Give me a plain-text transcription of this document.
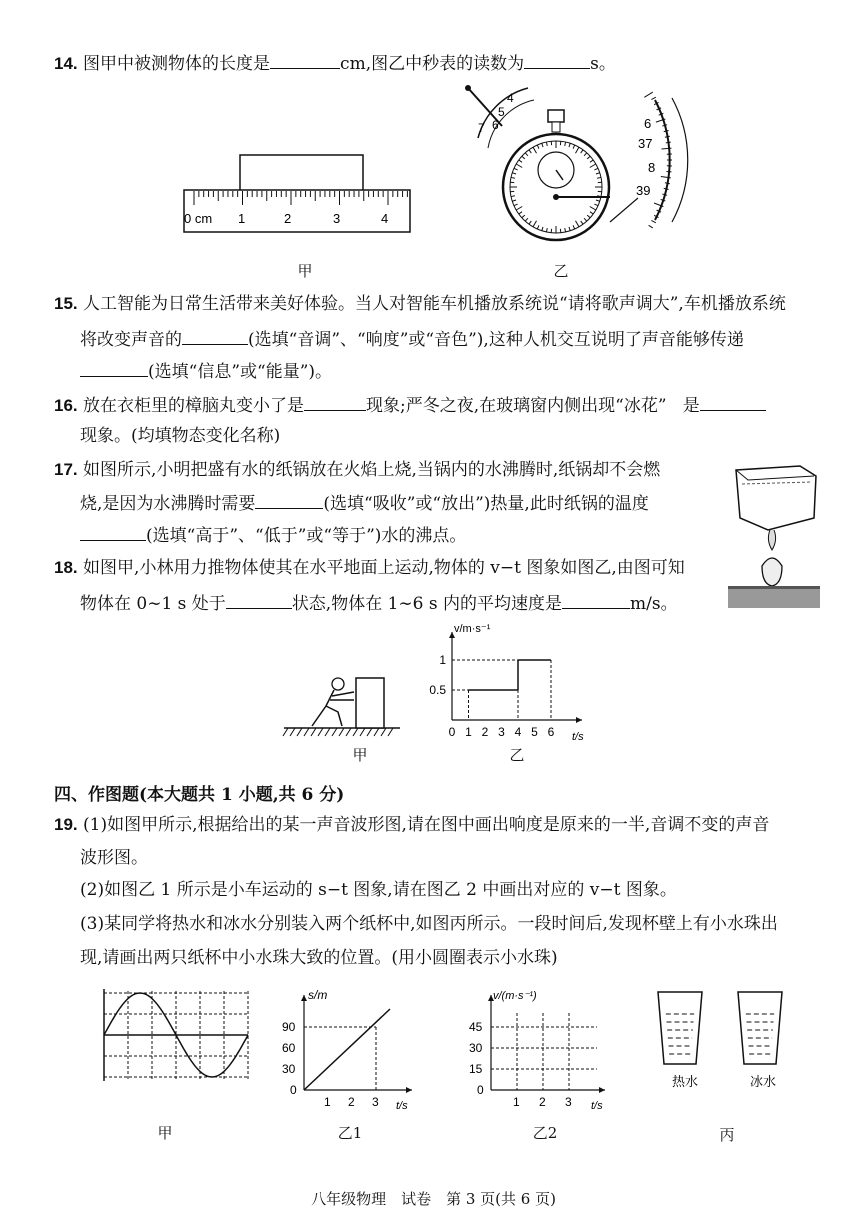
14. 图甲中被测物体的长度是	cm,图乙中秒表的读数为	s。
0 cm 1	2	3	4
甲
4
5
6
7	6
37
8
39
乙
15. 人工智能为日常生活带来美好体验。当人对智能车机播放系统说“请将歌声调大”,车机播放系统
将改变声音的	(选填“音调”、“响度”或“音色”),这种人机交互说明了声音能够传递
(选填“信息”或“能量”)。
16. 放在衣柜里的樟脑丸变小了是	现象;严冬之夜,在玻璃窗内侧出现“冰花” 是
现象。(均填物态变化名称)
17. 如图所示,小明把盛有水的纸锅放在火焰上烧,当锅内的水沸腾时,纸锅却不会燃
烧,是因为水沸腾时需要	(选填“吸收”或“放出”)热量,此时纸锅的温度
(选填“高于”、“低于”或“等于”)水的沸点。
18. 如图甲,小林用力推物体使其在水平地面上运动,物体的 v−t 图象如图乙,由图可知
物体在 0∼1 s 处于	状态,物体在 1∼6 s 内的平均速度是	m/s。
甲
v/m·s⁻¹
t/s
1
0.5
0 1 2 3 4 5 6
乙
四、作图题(本大题共 1 小题,共 6 分)
19. (1)如图甲所示,根据给出的某一声音波形图,请在图中画出响度是原来的一半,音调不变的声音
波形图。
(2)如图乙 1 所示是小车运动的 s−t 图象,请在图乙 2 中画出对应的 v−t 图象。
(3)某同学将热水和冰水分别装入两个纸杯中,如图丙所示。一段时间后,发现杯壁上有小水珠出
现,请画出两只纸杯中小水珠大致的位置。(用小圆圈表示小水珠)
甲
s/m
t/s
90
60
30
0
1 2 3
乙1
v/(m·s⁻¹)
t/s
45
30
15
0
1 2 3
乙2
热水	冰水
丙
八年级物理　试卷　第 3 页(共 6 页)
